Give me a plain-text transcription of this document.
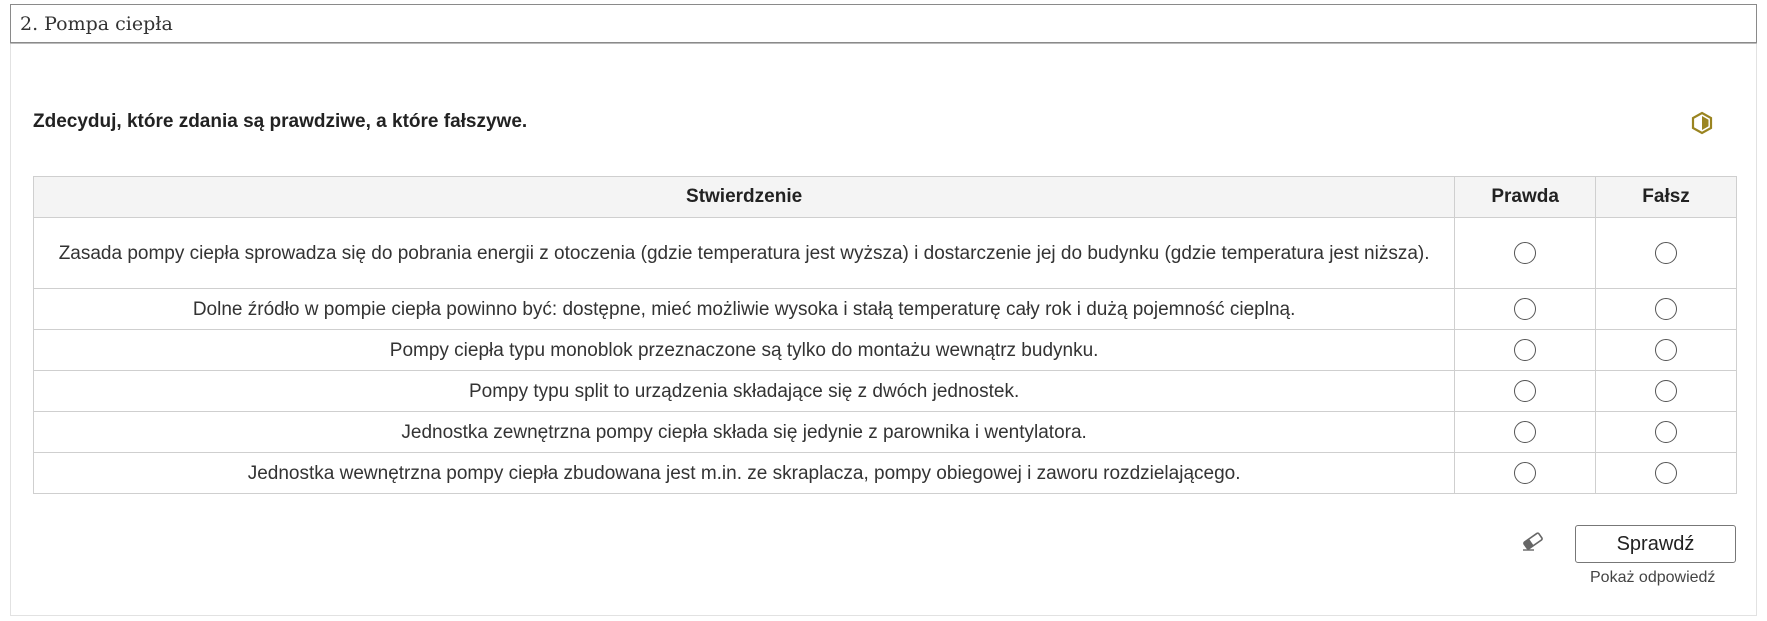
2. Pompa ciepła
Zdecyduj, które zdania są prawdziwe, a które fałszywe.
Stwierdzenie	Prawda	Fałsz
Zasada pompy ciepła sprowadza się do pobrania energii z otoczenia (gdzie temperatura jest wyższa) i dostarczenie jej do budynku (gdzie temperatura jest niższa).		
Dolne źródło w pompie ciepła powinno być: dostępne, mieć możliwie wysoka i stałą temperaturę cały rok i dużą pojemność cieplną.		
Pompy ciepła typu monoblok przeznaczone są tylko do montażu wewnątrz budynku.		
Pompy typu split to urządzenia składające się z dwóch jednostek.		
Jednostka zewnętrzna pompy ciepła składa się jedynie z parownika i wentylatora.		
Jednostka wewnętrzna pompy ciepła zbudowana jest m.in. ze skraplacza, pompy obiegowej i zaworu rozdzielającego.		
Sprawdź
Pokaż odpowiedź
